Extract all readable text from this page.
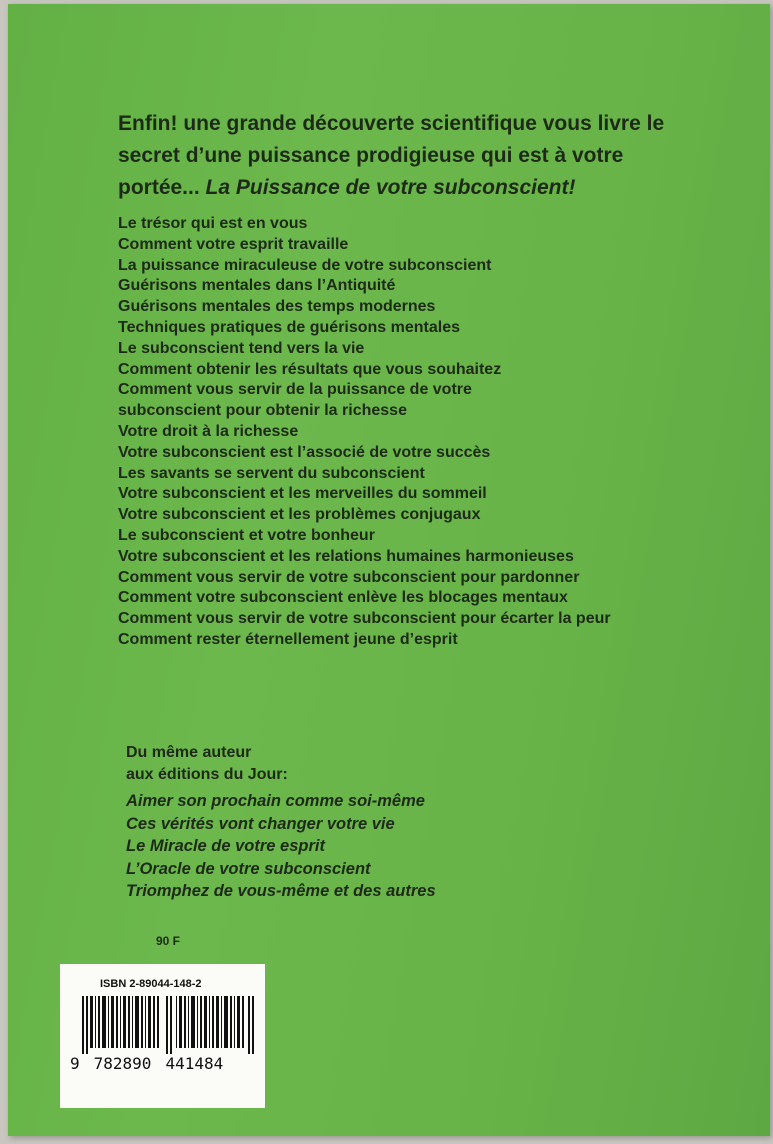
Enfin! une grande découverte scientifique vous livre le
secret d’une puissance prodigieuse qui est à votre
portée... La Puissance de votre subconscient!
Le trésor qui est en vous
Comment votre esprit travaille
La puissance miraculeuse de votre subconscient
Guérisons mentales dans l’Antiquité
Guérisons mentales des temps modernes
Techniques pratiques de guérisons mentales
Le subconscient tend vers la vie
Comment obtenir les résultats que vous souhaitez
Comment vous servir de la puissance de votre
subconscient pour obtenir la richesse
Votre droit à la richesse
Votre subconscient est l’associé de votre succès
Les savants se servent du subconscient
Votre subconscient et les merveilles du sommeil
Votre subconscient et les problèmes conjugaux
Le subconscient et votre bonheur
Votre subconscient et les relations humaines harmonieuses
Comment vous servir de votre subconscient pour pardonner
Comment votre subconscient enlève les blocages mentaux
Comment vous servir de votre subconscient pour écarter la peur
Comment rester éternellement jeune d’esprit
Du même auteur
aux éditions du Jour:
Aimer son prochain comme soi-même
Ces vérités vont changer votre vie
Le Miracle de votre esprit
L’Oracle de votre subconscient
Triomphez de vous-même et des autres
90 F
ISBN 2-89044-148-2
9 782890 441484
